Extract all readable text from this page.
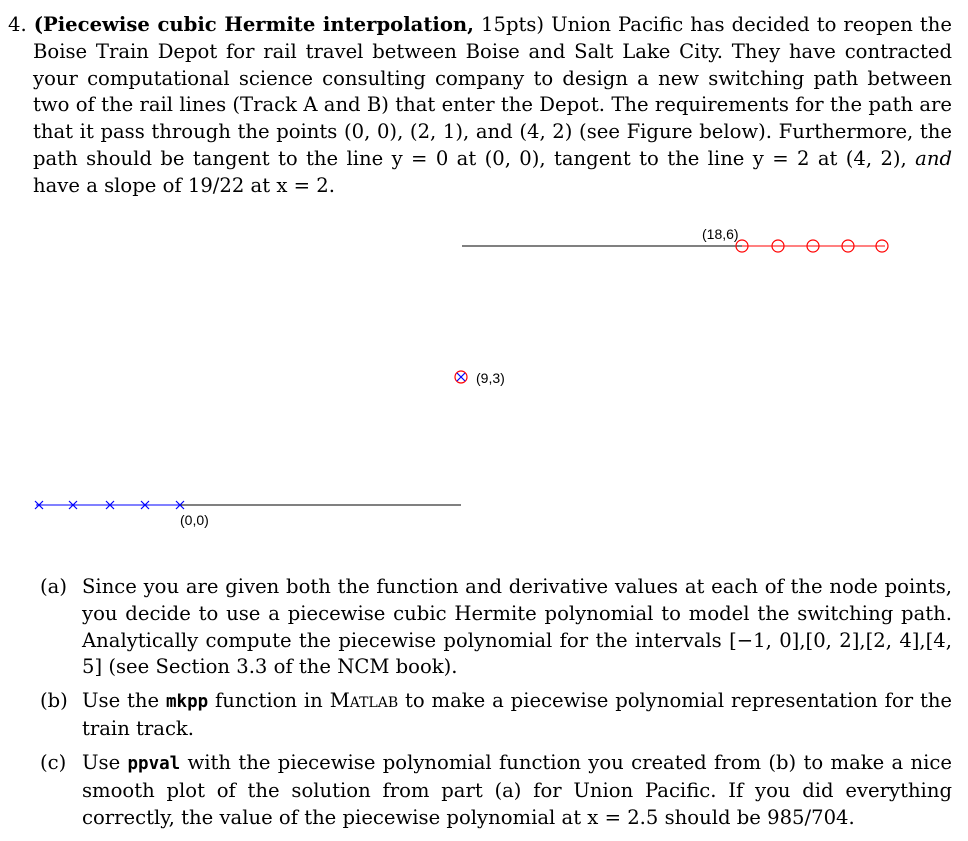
4. (Piecewise cubic Hermite interpolation, 15pts) Union Pacific has decided to reopen the Boise Train Depot for rail travel between Boise and Salt Lake City. They have contracted your computational science consulting company to design a new switching path between two of the rail lines (Track A and B) that enter the Depot. The requirements for the path are that it pass through the points (0, 0), (2, 1), and (4, 2) (see Figure below). Furthermore, the path should be tangent to the line y = 0 at (0, 0), tangent to the line y = 2 at (4, 2), and have a slope of 19/22 at x = 2.
(18,6)
(9,3)
(0,0)
(a) Since you are given both the function and derivative values at each of the node points, you decide to use a piecewise cubic Hermite polynomial to model the switching path. Analytically compute the piecewise polynomial for the intervals [−1, 0],[0, 2],[2, 4],[4, 5] (see Section 3.3 of the NCM book).
(b) Use the mkpp function in Matlab to make a piecewise polynomial representation for the train track.
(c) Use ppval with the piecewise polynomial function you created from (b) to make a nice smooth plot of the solution from part (a) for Union Pacific. If you did everything correctly, the value of the piecewise polynomial at x = 2.5 should be 985/704.
